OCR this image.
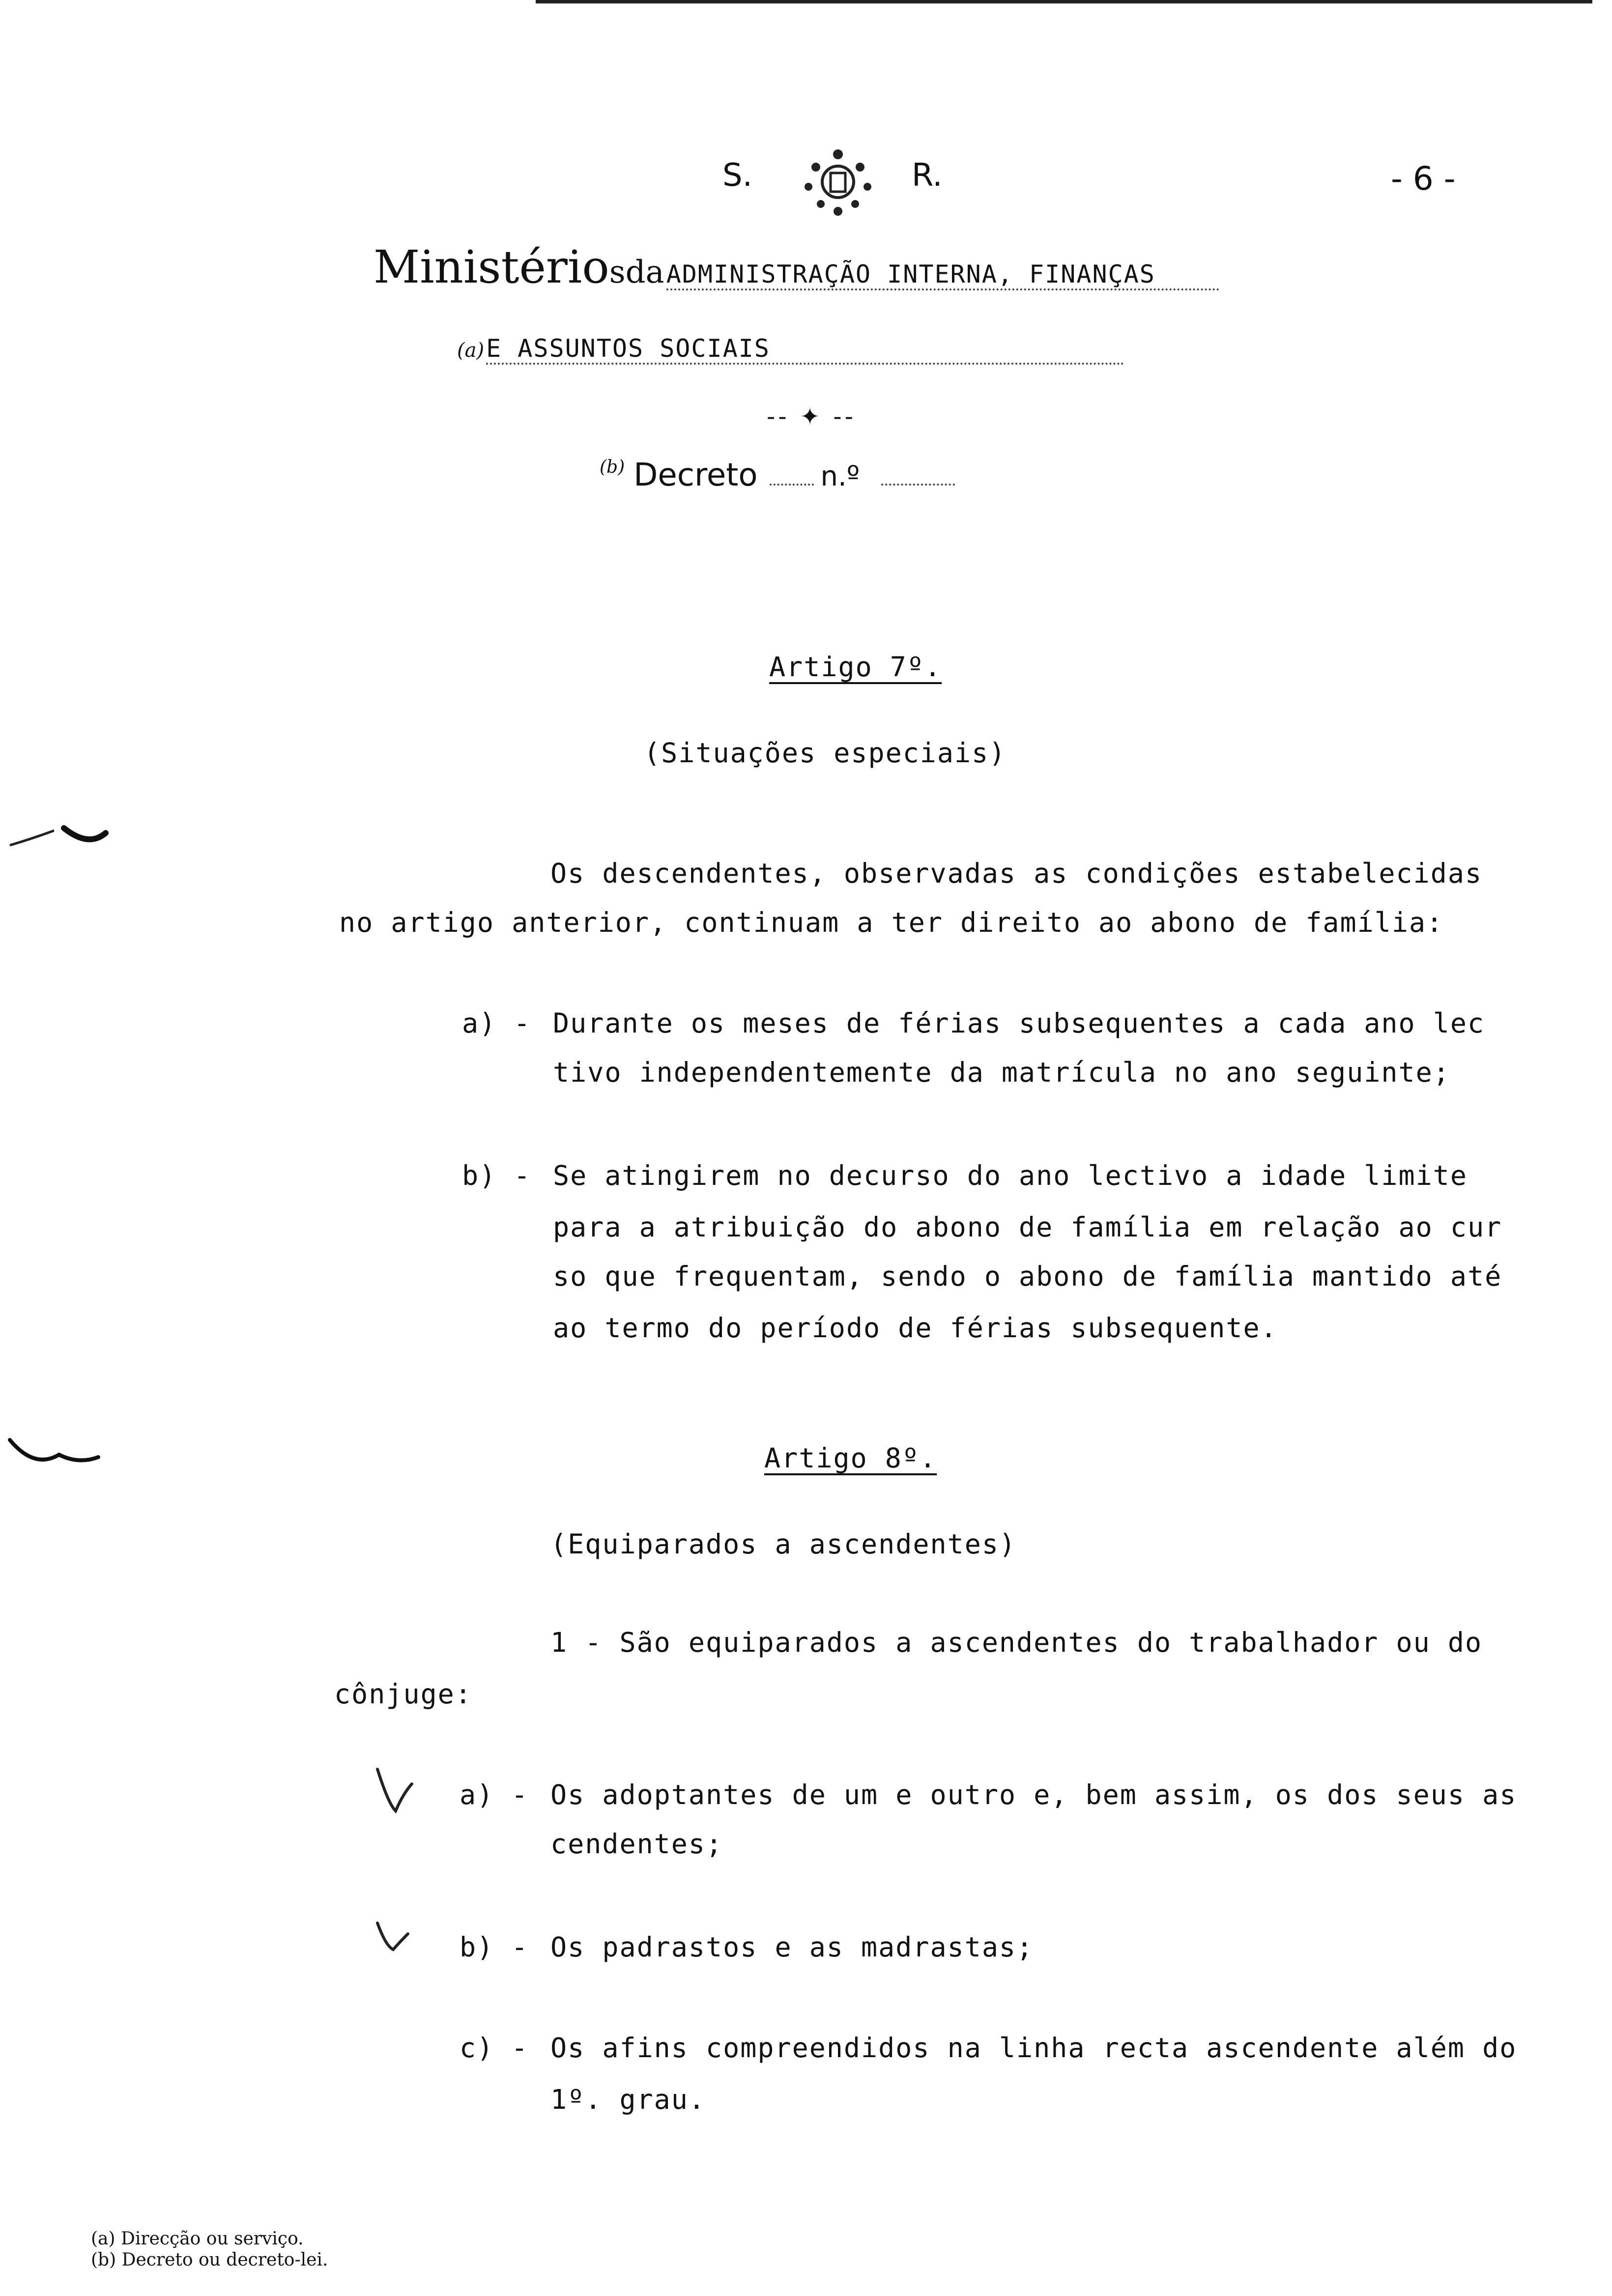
S.	R.	- 6 -
Ministériosda ADMINISTRAÇÃO INTERNA, FINANÇAS
(a) E ASSUNTOS SOCIAIS
-- ✦ --
(b) Decreto n.º
Artigo 7º.
(Situações especiais)
Os descendentes, observadas as condições estabelecidas
no artigo anterior, continuam a ter direito ao abono de família:
a) - Durante os meses de férias subsequentes a cada ano lec
tivo independentemente da matrícula no ano seguinte;
b) - Se atingirem no decurso do ano lectivo a idade limite
para a atribuição do abono de família em relação ao cur
so que frequentam, sendo o abono de família mantido até
ao termo do período de férias subsequente.
Artigo 8º.
(Equiparados a ascendentes)
1 - São equiparados a ascendentes do trabalhador ou do
cônjuge:
a) - Os adoptantes de um e outro e, bem assim, os dos seus as
cendentes;
b) - Os padrastos e as madrastas;
c) - Os afins compreendidos na linha recta ascendente além do
1º. grau.
(a) Direcção ou serviço.
(b) Decreto ou decreto-lei.
